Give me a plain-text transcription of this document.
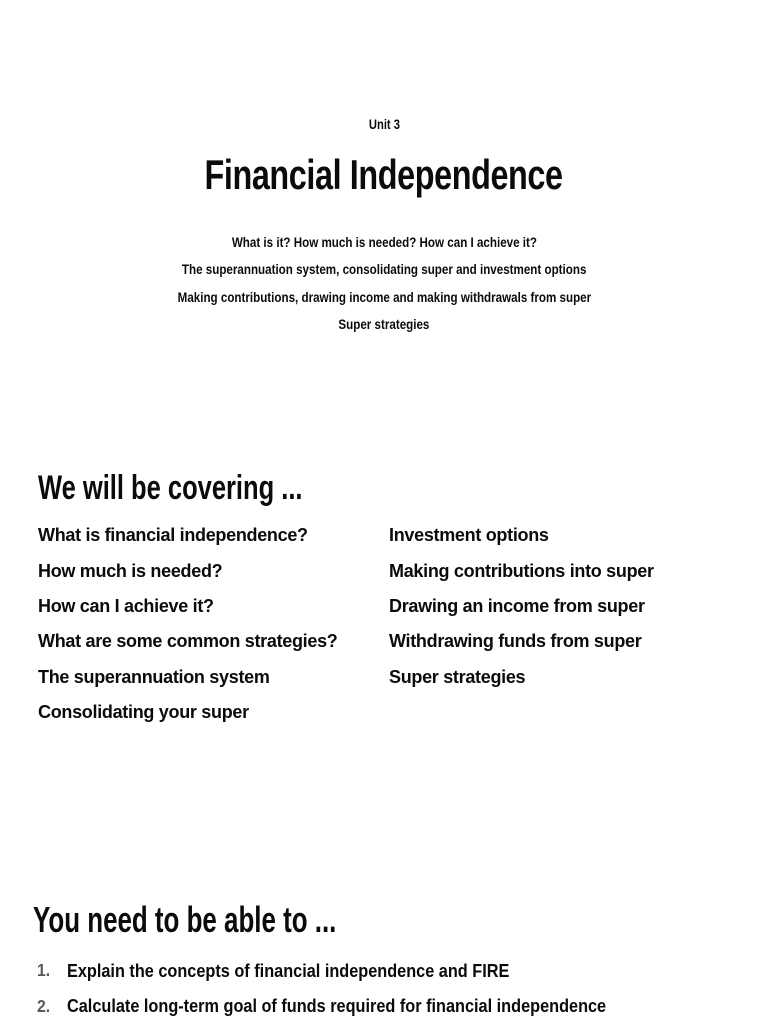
Unit 3
Financial Independence
What is it? How much is needed? How can I achieve it?
The superannuation system, consolidating super and investment options
Making contributions, drawing income and making withdrawals from super
Super strategies
We will be covering ...
What is financial independence?
How much is needed?
How can I achieve it?
What are some common strategies?
The superannuation system
Consolidating your super
Investment options
Making contributions into super
Drawing an income from super
Withdrawing funds from super
Super strategies
You need to be able to ...
1. Explain the concepts of financial independence and FIRE
2. Calculate long-term goal of funds required for financial independence
